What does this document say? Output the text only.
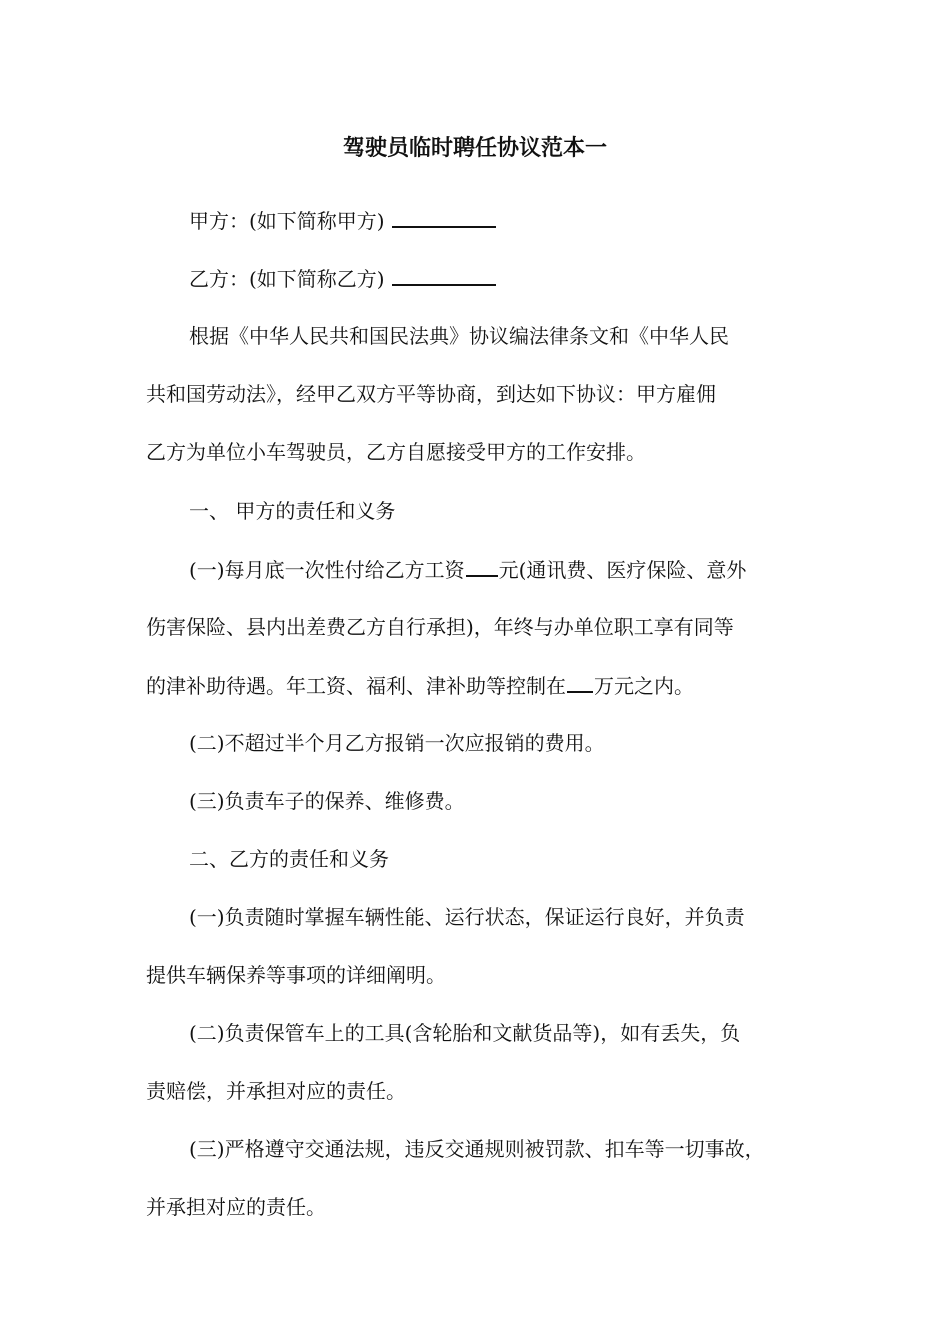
驾驶员临时聘任协议范本一
甲方：(如下简称甲方)
乙方：(如下简称乙方)
根据《中华人民共和国民法典》协议编法律条文和《中华人民
共和国劳动法》，经甲乙双方平等协商，到达如下协议：甲方雇佣
乙方为单位小车驾驶员，乙方自愿接受甲方的工作安排。
一、 甲方的责任和义务
(一)每月底一次性付给乙方工资 元(通讯费、医疗保险、意外
伤害保险、县内出差费乙方自行承担)，年终与办单位职工享有同等
的津补助待遇。年工资、福利、津补助等控制在 万元之内。
(二)不超过半个月乙方报销一次应报销的费用。
(三)负责车子的保养、维修费。
二、乙方的责任和义务
(一)负责随时掌握车辆性能、运行状态，保证运行良好，并负责
提供车辆保养等事项的详细阐明。
(二)负责保管车上的工具(含轮胎和文献货品等)，如有丢失，负
责赔偿，并承担对应的责任。
(三)严格遵守交通法规，违反交通规则被罚款、扣车等一切事故，
并承担对应的责任。
